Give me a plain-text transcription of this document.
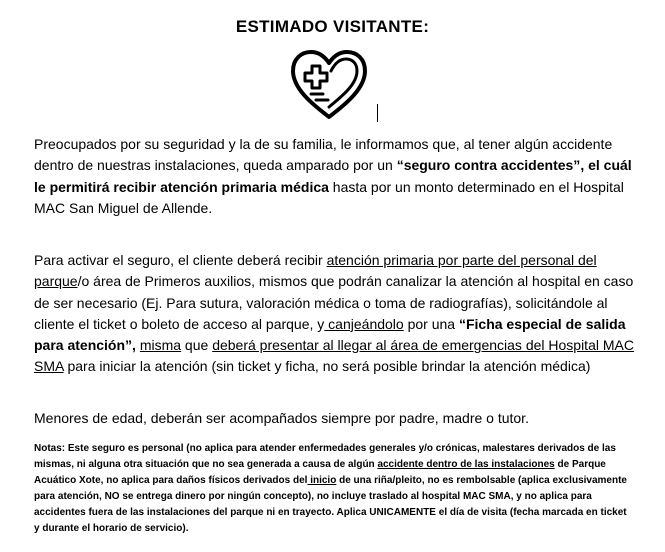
ESTIMADO VISITANTE:

Preocupados por su seguridad y la de su familia, le informamos que, al tener algún accidente dentro de nuestras instalaciones, queda amparado por un “seguro contra accidentes”, el cuál le permitirá recibir atención primaria médica hasta por un monto determinado en el Hospital MAC San Miguel de Allende.

Para activar el seguro, el cliente deberá recibir atención primaria por parte del personal del parque/o área de Primeros auxilios, mismos que podrán canalizar la atención al hospital en caso de ser necesario (Ej. Para sutura, valoración médica o toma de radiografías), solicitándole al cliente el ticket o boleto de acceso al parque, y canjeándolo por una “Ficha especial de salida para atención”, misma que deberá presentar al llegar al área de emergencias del Hospital MAC SMA para iniciar la atención (sin ticket y ficha, no será posible brindar la atención médica)

Menores de edad, deberán ser acompañados siempre por padre, madre o tutor.

Notas: Este seguro es personal (no aplica para atender enfermedades generales y/o crónicas, malestares derivados de las mismas, ni alguna otra situación que no sea generada a causa de algún accidente dentro de las instalaciones de Parque Acuático Xote, no aplica para daños físicos derivados del inicio de una riña/pleito, no es rembolsable (aplica exclusivamente para atención, NO se entrega dinero por ningún concepto), no incluye traslado al hospital MAC SMA, y no aplica para accidentes fuera de las instalaciones del parque ni en trayecto. Aplica UNICAMENTE el día de visita (fecha marcada en ticket y durante el horario de servicio).
